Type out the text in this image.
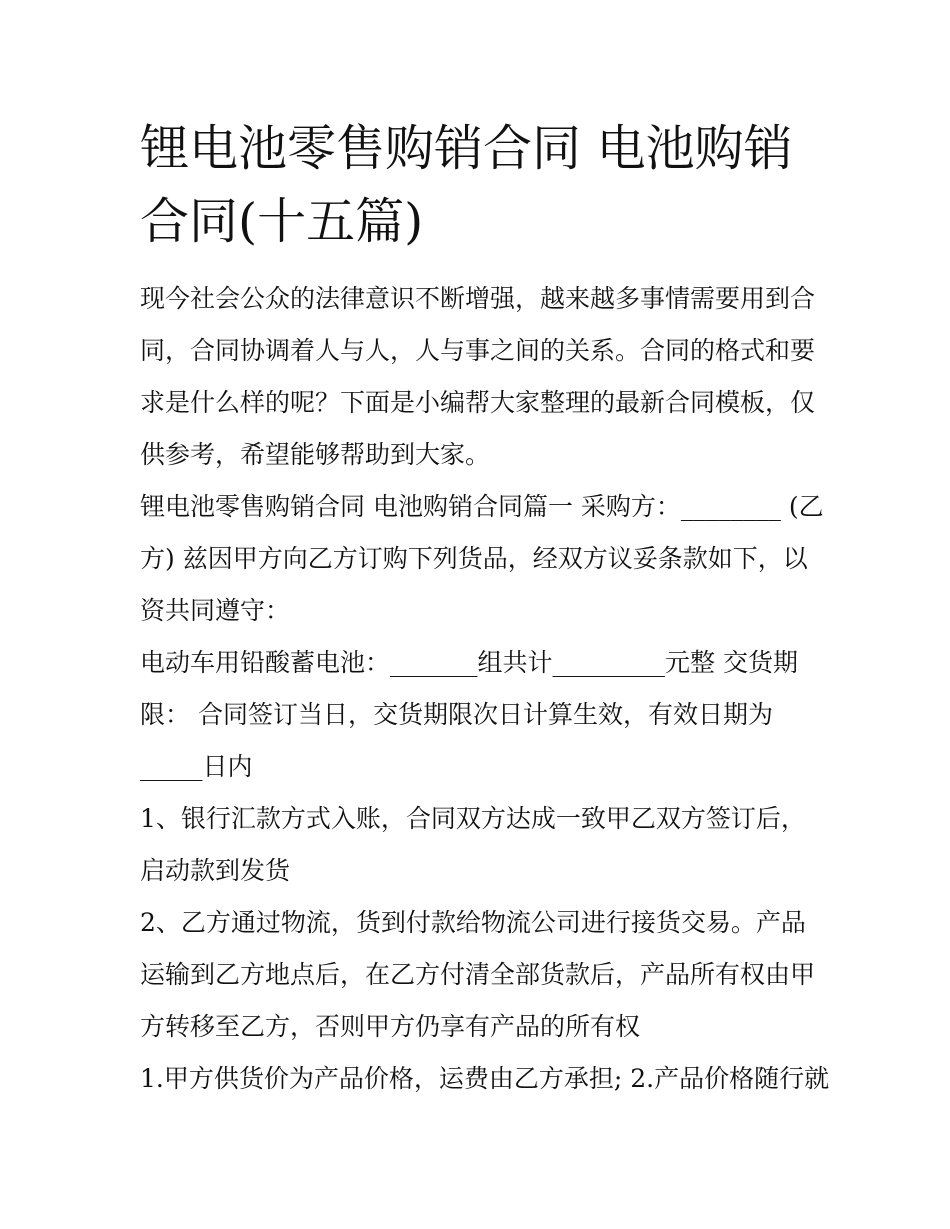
锂电池零售购销合同 电池购销
合同(十五篇)

现今社会公众的法律意识不断增强，越来越多事情需要用到合
同，合同协调着人与人，人与事之间的关系。合同的格式和要
求是什么样的呢？下面是小编帮大家整理的最新合同模板，仅
供参考，希望能够帮助到大家。

锂电池零售购销合同 电池购销合同篇一 采购方：________ (乙
方) 兹因甲方向乙方订购下列货品，经双方议妥条款如下，以
资共同遵守：

电动车用铅酸蓄电池：_______组共计_________元整 交货期
限： 合同签订当日，交货期限次日计算生效，有效日期为
_____日内

1、银行汇款方式入账，合同双方达成一致甲乙双方签订后，
启动款到发货

2、乙方通过物流，货到付款给物流公司进行接货交易。产品
运输到乙方地点后，在乙方付清全部货款后，产品所有权由甲
方转移至乙方，否则甲方仍享有产品的所有权

1.甲方供货价为产品价格，运费由乙方承担; 2.产品价格随行就
